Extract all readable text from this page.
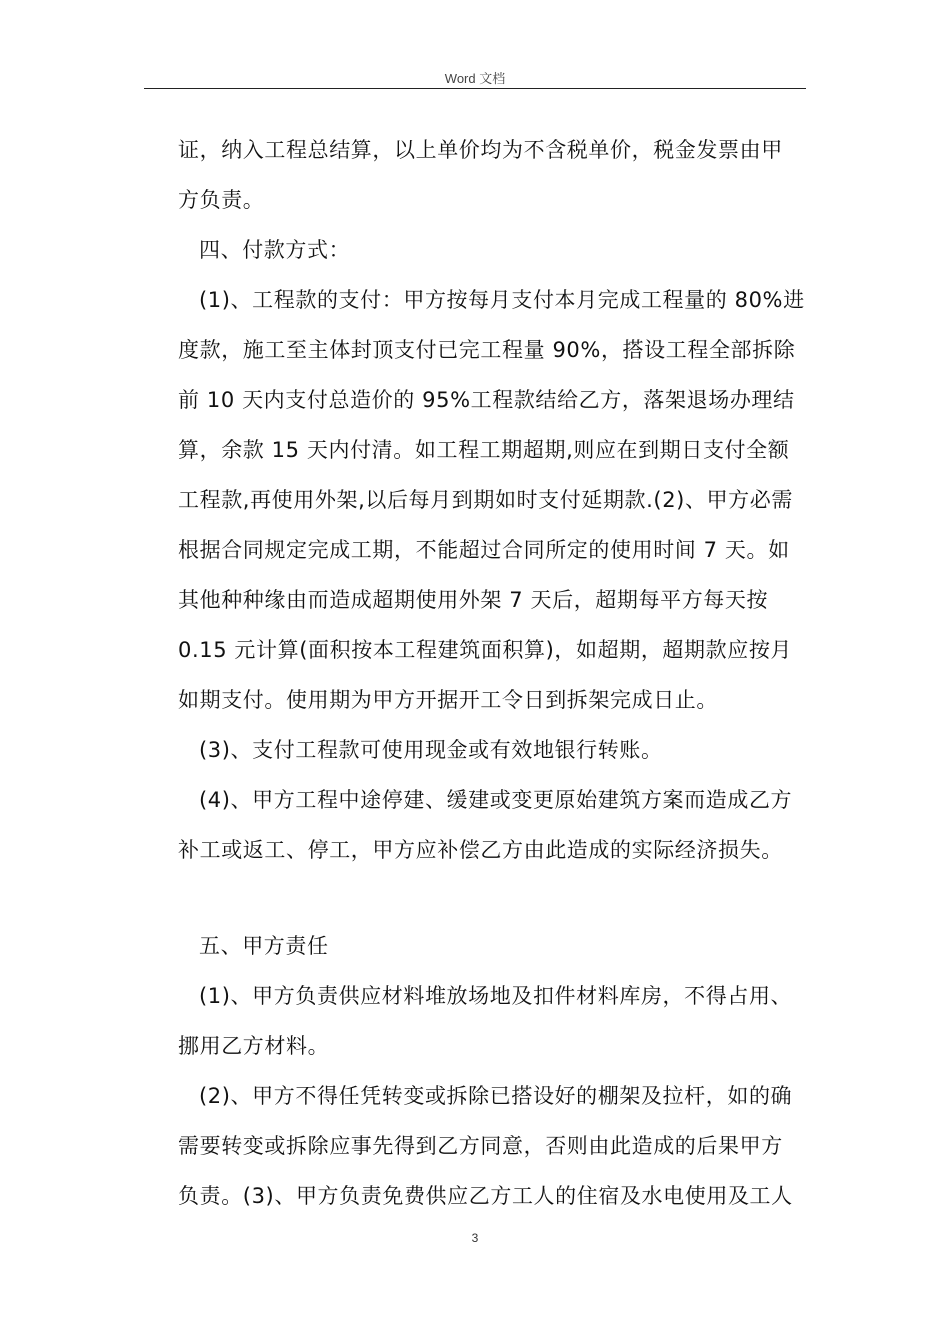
Word 文档
证，纳入工程总结算，以上单价均为不含税单价，税金发票由甲
方负责。
四、付款方式：
(1)、工程款的支付：甲方按每月支付本月完成工程量的 80%进
度款，施工至主体封顶支付已完工程量 90%，搭设工程全部拆除
前 10 天内支付总造价的 95%工程款结给乙方，落架退场办理结
算，余款 15 天内付清。如工程工期超期,则应在到期日支付全额
工程款,再使用外架,以后每月到期如时支付延期款.(2)、甲方必需
根据合同规定完成工期，不能超过合同所定的使用时间 7 天。如
其他种种缘由而造成超期使用外架 7 天后，超期每平方每天按
0.15 元计算(面积按本工程建筑面积算)，如超期，超期款应按月
如期支付。使用期为甲方开据开工令日到拆架完成日止。
(3)、支付工程款可使用现金或有效地银行转账。
(4)、甲方工程中途停建、缓建或变更原始建筑方案而造成乙方
补工或返工、停工，甲方应补偿乙方由此造成的实际经济损失。
五、甲方责任
(1)、甲方负责供应材料堆放场地及扣件材料库房，不得占用、
挪用乙方材料。
(2)、甲方不得任凭转变或拆除已搭设好的棚架及拉杆，如的确
需要转变或拆除应事先得到乙方同意，否则由此造成的后果甲方
负责。(3)、甲方负责免费供应乙方工人的住宿及水电使用及工人
3
